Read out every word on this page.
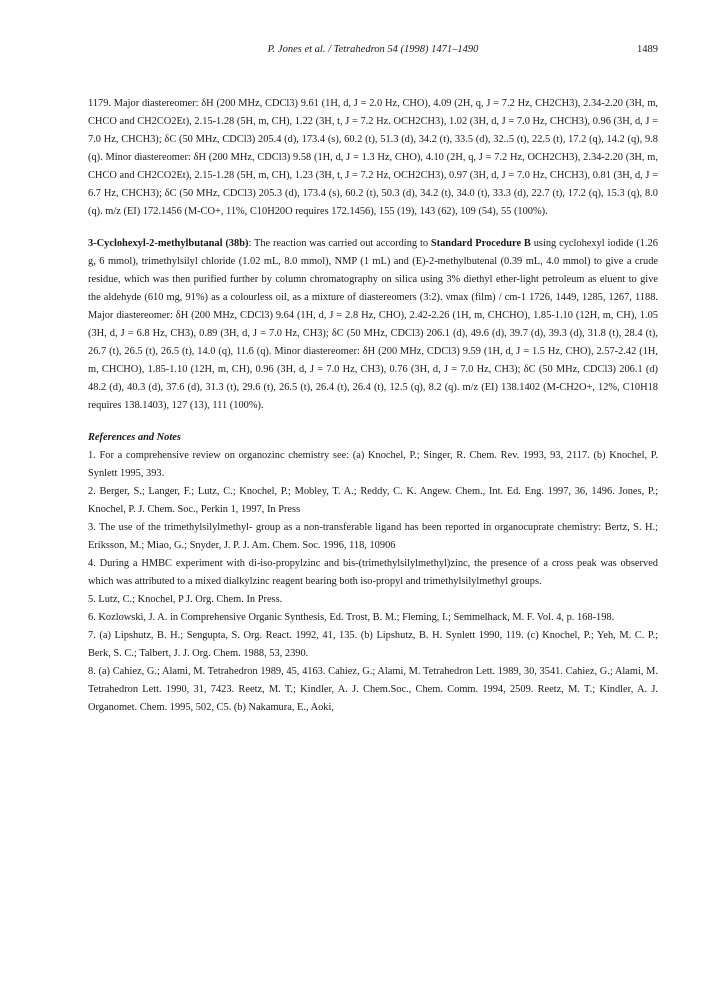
P. Jones et al. / Tetrahedron 54 (1998) 1471–1490	1489

1179. Major diastereomer: δH (200 MHz, CDCl3) 9.61 (1H, d, J = 2.0 Hz, CHO), 4.09 (2H, q, J = 7.2 Hz, CH2CH3), 2.34-2.20 (3H, m, CHCO and CH2CO2Et), 2.15-1.28 (5H, m, CH), 1.22 (3H, t, J = 7.2 Hz. OCH2CH3), 1.02 (3H, d, J = 7.0 Hz, CHCH3), 0.96 (3H, d, J = 7.0 Hz, CHCH3); δC (50 MHz, CDCl3) 205.4 (d), 173.4 (s), 60.2 (t), 51.3 (d), 34.2 (t), 33.5 (d), 32..5 (t), 22.5 (t), 17.2 (q), 14.2 (q), 9.8 (q). Minor diastereomer: δH (200 MHz, CDCl3) 9.58 (1H, d, J = 1.3 Hz, CHO), 4.10 (2H, q, J = 7.2 Hz, OCH2CH3), 2.34-2.20 (3H, m, CHCO and CH2CO2Et), 2.15-1.28 (5H, m, CH), 1.23 (3H, t, J = 7.2 Hz, OCH2CH3), 0.97 (3H, d, J = 7.0 Hz, CHCH3), 0.81 (3H, d, J = 6.7 Hz, CHCH3); δC (50 MHz, CDCl3) 205.3 (d), 173.4 (s), 60.2 (t), 50.3 (d), 34.2 (t), 34.0 (t), 33.3 (d), 22.7 (t), 17.2 (q), 15.3 (q), 8.0 (q). m/z (EI) 172.1456 (M-CO+, 11%, C10H20O requires 172.1456), 155 (19), 143 (62), 109 (54), 55 (100%).

3-Cyclohexyl-2-methylbutanal (38b): The reaction was carried out according to Standard Procedure B using cyclohexyl iodide (1.26 g, 6 mmol), trimethylsilyl chloride (1.02 mL, 8.0 mmol), NMP (1 mL) and (E)-2-methylbutenal (0.39 mL, 4.0 mmol) to give a crude residue, which was then purified further by column chromatography on silica using 3% diethyl ether-light petroleum as eluent to give the aldehyde (610 mg, 91%) as a colourless oil, as a mixture of diastereomers (3:2). νmax (film) / cm-1 1726, 1449, 1285, 1267, 1188. Major diastereomer: δH (200 MHz, CDCl3) 9.64 (1H, d, J = 2.8 Hz, CHO), 2.42-2.26 (1H, m, CHCHO), 1.85-1.10 (12H, m, CH), 1.05 (3H, d, J = 6.8 Hz, CH3), 0.89 (3H, d, J = 7.0 Hz, CH3); δC (50 MHz, CDCl3) 206.1 (d), 49.6 (d), 39.7 (d), 39.3 (d), 31.8 (t), 28.4 (t), 26.7 (t), 26.5 (t), 26.5 (t), 14.0 (q), 11.6 (q). Minor diastereomer: δH (200 MHz, CDCl3) 9.59 (1H, d, J = 1.5 Hz, CHO), 2.57-2.42 (1H, m, CHCHO), 1.85-1.10 (12H, m, CH), 0.96 (3H, d, J = 7.0 Hz, CH3), 0.76 (3H, d, J = 7.0 Hz, CH3); δC (50 MHz, CDCl3) 206.1 (d) 48.2 (d), 40.3 (d), 37.6 (d), 31.3 (t), 29.6 (t), 26.5 (t), 26.4 (t), 26.4 (t), 12.5 (q), 8.2 (q). m/z (EI) 138.1402 (M-CH2O+, 12%, C10H18 requires 138.1403), 127 (13), 111 (100%).

References and Notes

1. For a comprehensive review on organozinc chemistry see: (a) Knochel, P.; Singer, R. Chem. Rev. 1993, 93, 2117. (b) Knochel, P. Synlett 1995, 393.

2. Berger, S.; Langer, F.; Lutz, C.; Knochel, P.; Mobley, T. A.; Reddy, C. K. Angew. Chem., Int. Ed. Eng. 1997, 36, 1496. Jones, P.; Knochel, P. J. Chem. Soc., Perkin 1, 1997, In Press

3. The use of the trimethylsilylmethyl- group as a non-transferable ligand has been reported in organocuprate chemistry: Bertz, S. H.; Eriksson, M.; Miao, G.; Snyder, J. P. J. Am. Chem. Soc. 1996, 118, 10906

4. During a HMBC experiment with di-iso-propylzinc and bis-(trimethylsilylmethyl)zinc, the presence of a cross peak was observed which was attributed to a mixed dialkylzinc reagent bearing both iso-propyl and trimethylsilylmethyl groups.

5. Lutz, C.; Knochel, P J. Org. Chem. In Press.

6. Kozlowski, J. A. in Comprehensive Organic Synthesis, Ed. Trost, B. M.; Fleming, I.; Semmelhack, M. F. Vol. 4, p. 168-198.

7. (a) Lipshutz, B. H.; Sengupta, S. Org. React. 1992, 41, 135. (b) Lipshutz, B. H. Synlett 1990, 119. (c) Knochel, P.; Yeh, M. C. P.; Berk, S. C.; Talbert, J. J. Org. Chem. 1988, 53, 2390.

8. (a) Cahiez, G.; Alami, M. Tetrahedron 1989, 45, 4163. Cahiez, G.; Alami, M. Tetrahedron Lett. 1989, 30, 3541. Cahiez, G.; Alami, M. Tetrahedron Lett. 1990, 31, 7423. Reetz, M. T.; Kindler, A. J. Chem.Soc., Chem. Comm. 1994, 2509. Reetz, M. T.; Kindler, A. J. Organomet. Chem. 1995, 502, C5. (b) Nakamura, E., Aoki,
